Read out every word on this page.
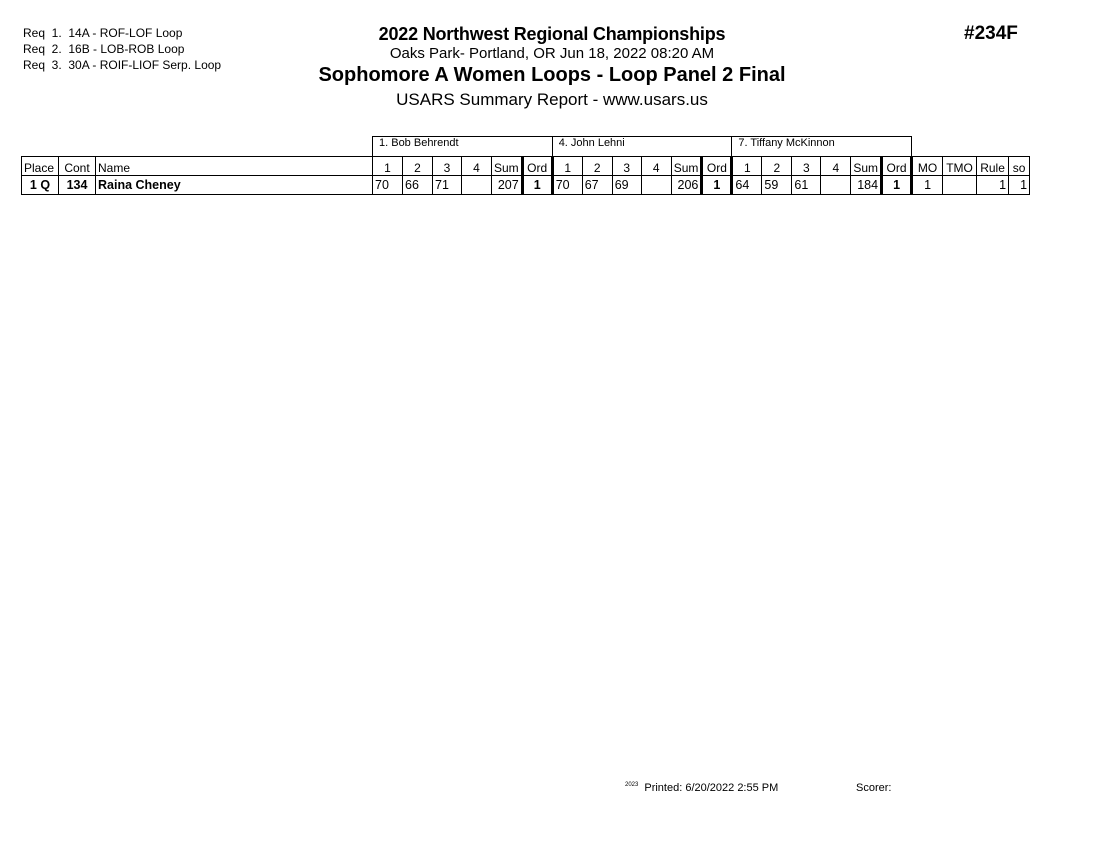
Req  1.  14A - ROF-LOF Loop
Req  2.  16B - LOB-ROB Loop
Req  3.  30A - ROIF-LIOF Serp. Loop
#234F
2022 Northwest Regional Championships
Oaks Park- Portland, OR Jun 18, 2022 08:20 AM
Sophomore A Women Loops - Loop Panel 2 Final
USARS Summary Report - www.usars.us
			1. Bob Behrendt						4. John Lehni						7. Tiffany McKinnon									
Place	Cont	Name	1	2	3	4	Sum	Ord	1	2	3	4	Sum	Ord	1	2	3	4	Sum	Ord	MO	TMO	Rule	so
1 Q	134	Raina Cheney	70	66	71		207	1	70	67	69		206	1	64	59	61		184	1	1		1	1
$^{2023}$ Printed: 6/20/2022 2:55 PM	Scorer:
